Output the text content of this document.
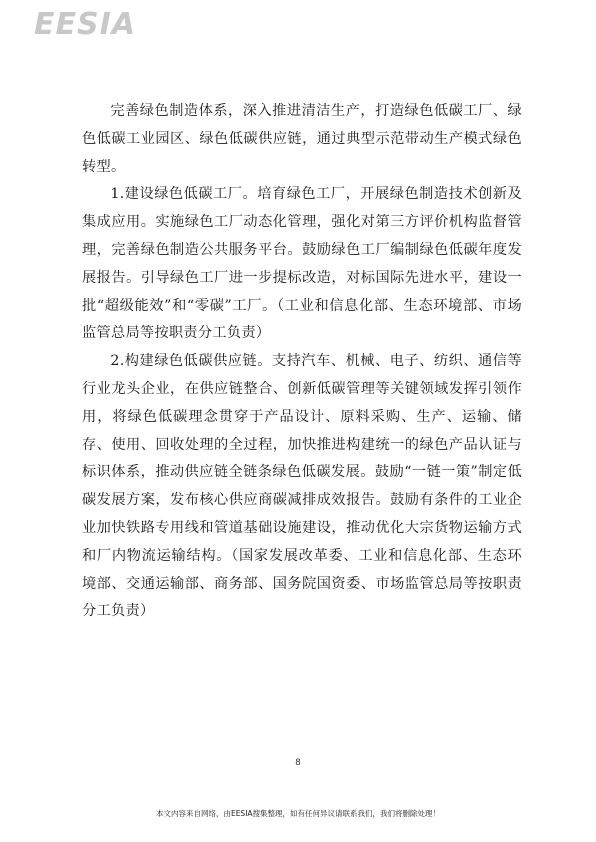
EESIA

完善绿色制造体系，深入推进清洁生产，打造绿色低碳工厂、绿色低碳工业园区、绿色低碳供应链，通过典型示范带动生产模式绿色转型。

1.建设绿色低碳工厂。培育绿色工厂，开展绿色制造技术创新及集成应用。实施绿色工厂动态化管理，强化对第三方评价机构监督管理，完善绿色制造公共服务平台。鼓励绿色工厂编制绿色低碳年度发展报告。引导绿色工厂进一步提标改造，对标国际先进水平，建设一批“超级能效”和“零碳”工厂。（工业和信息化部、生态环境部、市场监管总局等按职责分工负责）

2.构建绿色低碳供应链。支持汽车、机械、电子、纺织、通信等行业龙头企业，在供应链整合、创新低碳管理等关键领域发挥引领作用，将绿色低碳理念贯穿于产品设计、原料采购、生产、运输、储存、使用、回收处理的全过程，加快推进构建统一的绿色产品认证与标识体系，推动供应链全链条绿色低碳发展。鼓励“一链一策”制定低碳发展方案，发布核心供应商碳减排成效报告。鼓励有条件的工业企业加快铁路专用线和管道基础设施建设，推动优化大宗货物运输方式和厂内物流运输结构。（国家发展改革委、工业和信息化部、生态环境部、交通运输部、商务部、国务院国资委、市场监管总局等按职责分工负责）

8
本文内容来自网络，由EESIA搜集整理，如有任何异议请联系我们，我们将删除处理！
